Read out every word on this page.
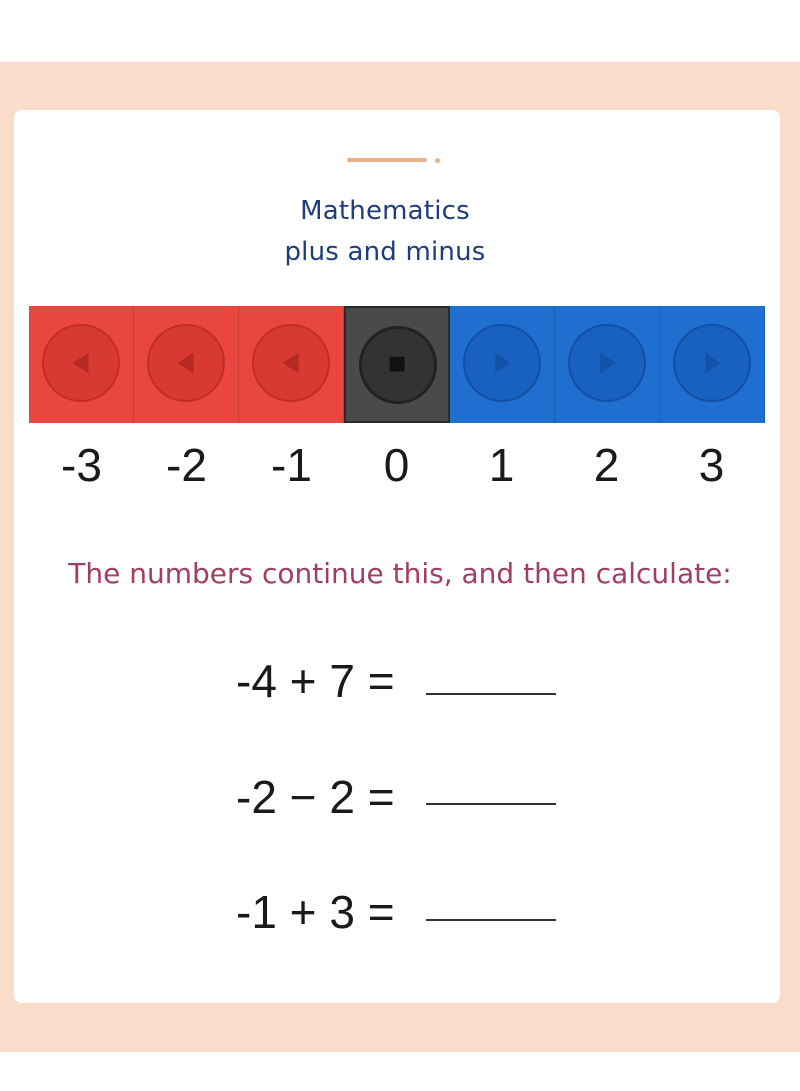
Mathematics
plus and minus
-3	-2	-1	0	1	2	3
The numbers continue this, and then calculate:
-4 + 7 =
-2 − 2 =
-1 + 3 =
